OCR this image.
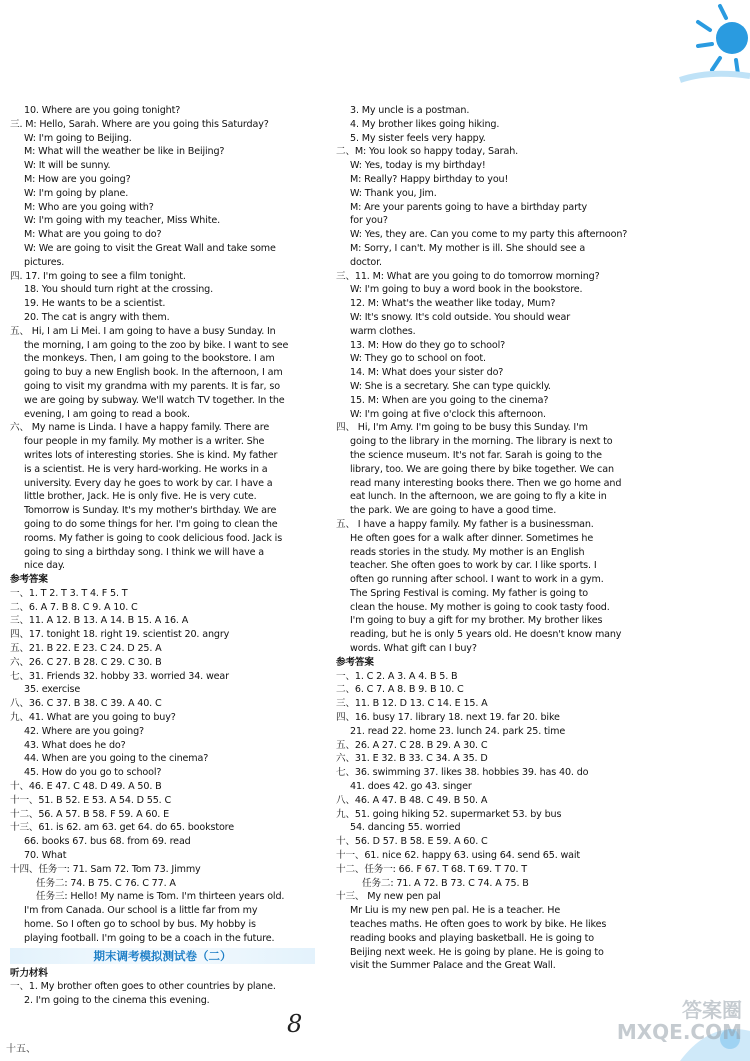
10. Where are you going tonight?
三. M: Hello, Sarah. Where are you going this Saturday?
W: I'm going to Beijing.
M: What will the weather be like in Beijing?
W: It will be sunny.
M: How are you going?
W: I'm going by plane.
M: Who are you going with?
W: I'm going with my teacher, Miss White.
M: What are you going to do?
W: We are going to visit the Great Wall and take some
pictures.
四. 17. I'm going to see a film tonight.
18. You should turn right at the crossing.
19. He wants to be a scientist.
20. The cat is angry with them.
五、 Hi, I am Li Mei. I am going to have a busy Sunday. In
the morning, I am going to the zoo by bike. I want to see
the monkeys. Then, I am going to the bookstore. I am
going to buy a new English book. In the afternoon, I am
going to visit my grandma with my parents. It is far, so
we are going by subway. We'll watch TV together. In the
evening, I am going to read a book.
六、 My name is Linda. I have a happy family. There are
four people in my family. My mother is a writer. She
writes lots of interesting stories. She is kind. My father
is a scientist. He is very hard-working. He works in a
university. Every day he goes to work by car. I have a
little brother, Jack. He is only five. He is very cute.
Tomorrow is Sunday. It's my mother's birthday. We are
going to do some things for her. I'm going to clean the
rooms. My father is going to cook delicious food. Jack is
going to sing a birthday song. I think we will have a
nice day.
参考答案
一、1. T 2. T 3. T 4. F 5. T
二、6. A 7. B 8. C 9. A 10. C
三、11. A 12. B 13. A 14. B 15. A 16. A
四、17. tonight 18. right 19. scientist 20. angry
五、21. B 22. E 23. C 24. D 25. A
六、26. C 27. B 28. C 29. C 30. B
七、31. Friends 32. hobby 33. worried 34. wear
35. exercise
八、36. C 37. B 38. C 39. A 40. C
九、41. What are you going to buy?
42. Where are you going?
43. What does he do?
44. When are you going to the cinema?
45. How do you go to school?
十、46. E 47. C 48. D 49. A 50. B
十一、51. B 52. E 53. A 54. D 55. C
十二、56. A 57. B 58. F 59. A 60. E
十三、61. is 62. am 63. get 64. do 65. bookstore
66. books 67. bus 68. from 69. read
70. What
十四、任务一: 71. Sam 72. Tom 73. Jimmy
任务二: 74. B 75. C 76. C 77. A
任务三: Hello! My name is Tom. I'm thirteen years old.
I'm from Canada. Our school is a little far from my
home. So I often go to school by bus. My hobby is
playing football. I'm going to be a coach in the future.
期末调考模拟测试卷（二）
听力材料
一、1. My brother often goes to other countries by plane.
2. I'm going to the cinema this evening.
3. My uncle is a postman.
4. My brother likes going hiking.
5. My sister feels very happy.
二、M: You look so happy today, Sarah.
W: Yes, today is my birthday!
M: Really? Happy birthday to you!
W: Thank you, Jim.
M: Are your parents going to have a birthday party
for you?
W: Yes, they are. Can you come to my party this afternoon?
M: Sorry, I can't. My mother is ill. She should see a
doctor.
三、11. M: What are you going to do tomorrow morning?
W: I'm going to buy a word book in the bookstore.
12. M: What's the weather like today, Mum?
W: It's snowy. It's cold outside. You should wear
warm clothes.
13. M: How do they go to school?
W: They go to school on foot.
14. M: What does your sister do?
W: She is a secretary. She can type quickly.
15. M: When are you going to the cinema?
W: I'm going at five o'clock this afternoon.
四、 Hi, I'm Amy. I'm going to be busy this Sunday. I'm
going to the library in the morning. The library is next to
the science museum. It's not far. Sarah is going to the
library, too. We are going there by bike together. We can
read many interesting books there. Then we go home and
eat lunch. In the afternoon, we are going to fly a kite in
the park. We are going to have a good time.
五、 I have a happy family. My father is a businessman.
He often goes for a walk after dinner. Sometimes he
reads stories in the study. My mother is an English
teacher. She often goes to work by car. I like sports. I
often go running after school. I want to work in a gym.
The Spring Festival is coming. My father is going to
clean the house. My mother is going to cook tasty food.
I'm going to buy a gift for my brother. My brother likes
reading, but he is only 5 years old. He doesn't know many
words. What gift can I buy?
参考答案
一、1. C 2. A 3. A 4. B 5. B
二、6. C 7. A 8. B 9. B 10. C
三、11. B 12. D 13. C 14. E 15. A
四、16. busy 17. library 18. next 19. far 20. bike
21. read 22. home 23. lunch 24. park 25. time
五、26. A 27. C 28. B 29. A 30. C
六、31. E 32. B 33. C 34. A 35. D
七、36. swimming 37. likes 38. hobbies 39. has 40. do
41. does 42. go 43. singer
八、46. A 47. B 48. C 49. B 50. A
九、51. going hiking 52. supermarket 53. by bus
54. dancing 55. worried
十、56. D 57. B 58. E 59. A 60. C
十一、61. nice 62. happy 63. using 64. send 65. wait
十二、任务一: 66. F 67. T 68. T 69. T 70. T
任务二: 71. A 72. B 73. C 74. A 75. B
十三、 My new pen pal
Mr Liu is my new pen pal. He is a teacher. He
teaches maths. He often goes to work by bike. He likes
reading books and playing basketball. He is going to
Beijing next week. He is going by plane. He is going to
visit the Summer Palace and the Great Wall.
8
十五、
答案圈 MXQE.COM
